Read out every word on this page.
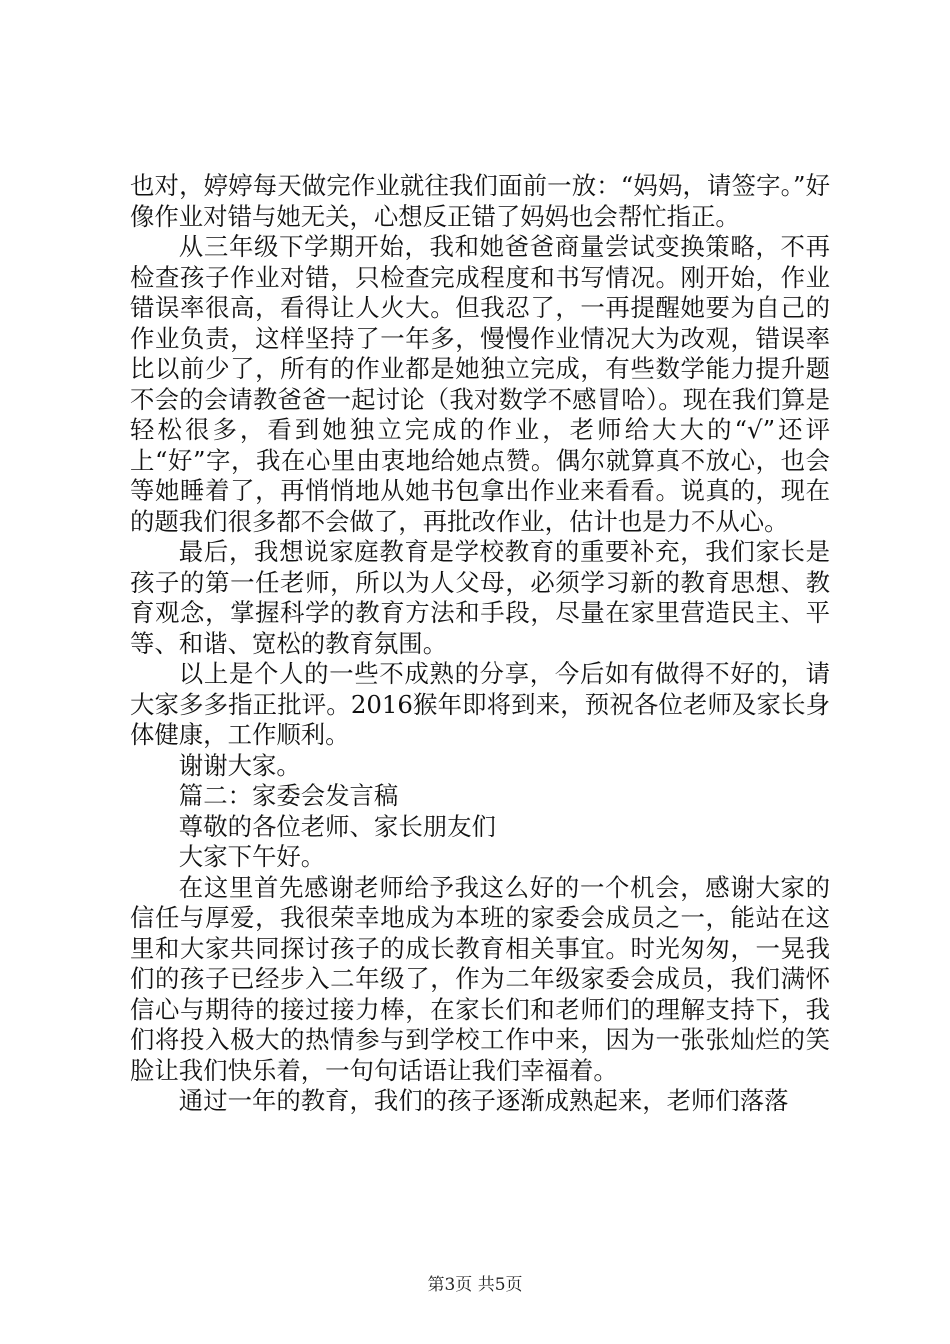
也对，婷婷每天做完作业就往我们面前一放：“妈妈，请签字。”好像作业对错与她无关，心想反正错了妈妈也会帮忙指正。

从三年级下学期开始，我和她爸爸商量尝试变换策略，不再检查孩子作业对错，只检查完成程度和书写情况。刚开始，作业错误率很高，看得让人火大。但我忍了，一再提醒她要为自己的作业负责，这样坚持了一年多，慢慢作业情况大为改观，错误率比以前少了，所有的作业都是她独立完成，有些数学能力提升题不会的会请教爸爸一起讨论（我对数学不感冒哈）。现在我们算是轻松很多，看到她独立完成的作业，老师给大大的“√”还评上“好”字，我在心里由衷地给她点赞。偶尔就算真不放心，也会等她睡着了，再悄悄地从她书包拿出作业来看看。说真的，现在的题我们很多都不会做了，再批改作业，估计也是力不从心。

最后，我想说家庭教育是学校教育的重要补充，我们家长是孩子的第一任老师，所以为人父母，必须学习新的教育思想、教育观念，掌握科学的教育方法和手段，尽量在家里营造民主、平等、和谐、宽松的教育氛围。

以上是个人的一些不成熟的分享，今后如有做得不好的，请大家多多指正批评。2016猴年即将到来，预祝各位老师及家长身体健康，工作顺利。

谢谢大家。

篇二：家委会发言稿

尊敬的各位老师、家长朋友们

大家下午好。

在这里首先感谢老师给予我这么好的一个机会，感谢大家的信任与厚爱，我很荣幸地成为本班的家委会成员之一，能站在这里和大家共同探讨孩子的成长教育相关事宜。时光匆匆，一晃我们的孩子已经步入二年级了，作为二年级家委会成员，我们满怀信心与期待的接过接力棒，在家长们和老师们的理解支持下，我们将投入极大的热情参与到学校工作中来，因为一张张灿烂的笑脸让我们快乐着，一句句话语让我们幸福着。

通过一年的教育，我们的孩子逐渐成熟起来，老师们落落

第3页 共5页
